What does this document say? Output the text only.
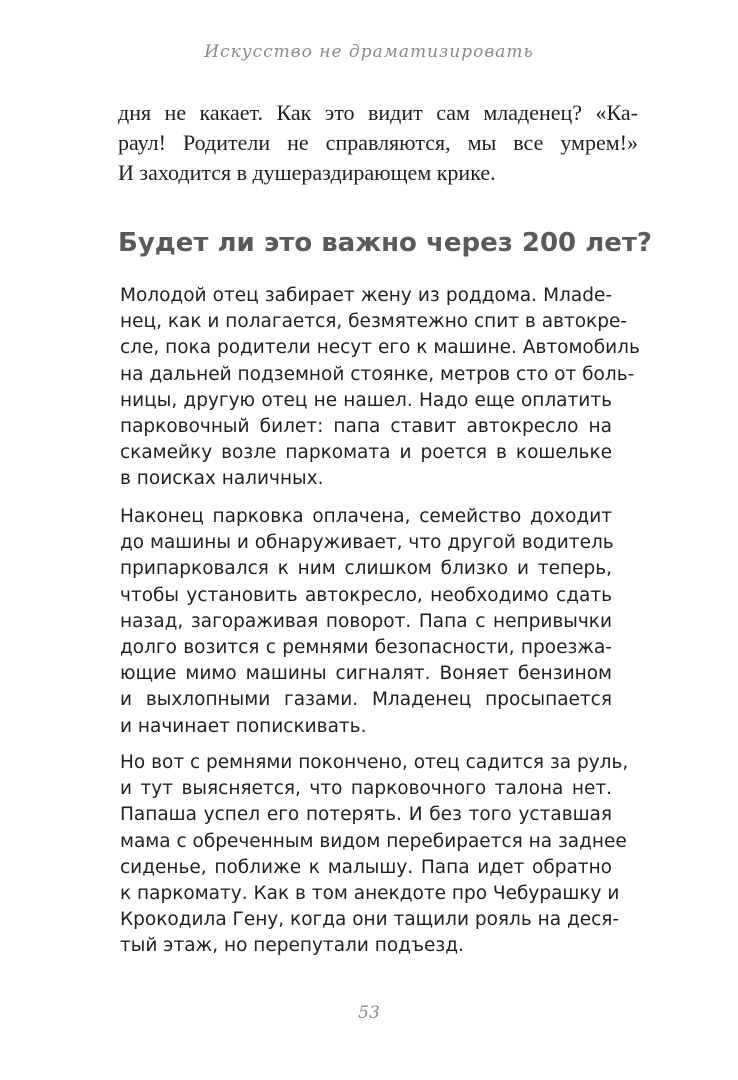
Искусство не драматизировать
дня не какает. Как это видит сам младенец? «Ка-
раул! Родители не справляются, мы все умрем!»
И заходится в душераздирающем крике.
Будет ли это важно через 200 лет?
Молодой отец забирает жену из роддома. Млade-
нец, как и полагается, безмятежно спит в автокре-
сле, пока родители несут его к машине. Автомобиль
на дальней подземной стоянке, метров сто от боль-
ницы, другую отец не нашел. Надо еще оплатить
парковочный билет: папа ставит автокресло на
скамейку возле паркомата и роется в кошельке
в поисках наличных.
Наконец парковка оплачена, семейство доходит
до машины и обнаруживает, что другой водитель
припарковался к ним слишком близко и теперь,
чтобы установить автокресло, необходимо сдать
назад, загораживая поворот. Папа с непривычки
долго возится с ремнями безопасности, проезжа-
ющие мимо машины сигналят. Воняет бензином
и выхлопными газами. Младенец просыпается
и начинает попискивать.
Но вот с ремнями покончено, отец садится за руль,
и тут выясняется, что парковочного талона нет.
Папаша успел его потерять. И без того уставшая
мама с обреченным видом перебирается на заднее
сиденье, поближе к малышу. Папа идет обратно
к паркомату. Как в том анекдоте про Чебурашку и
Крокодила Гену, когда они тащили рояль на деся-
тый этаж, но перепутали подъезд.
53
